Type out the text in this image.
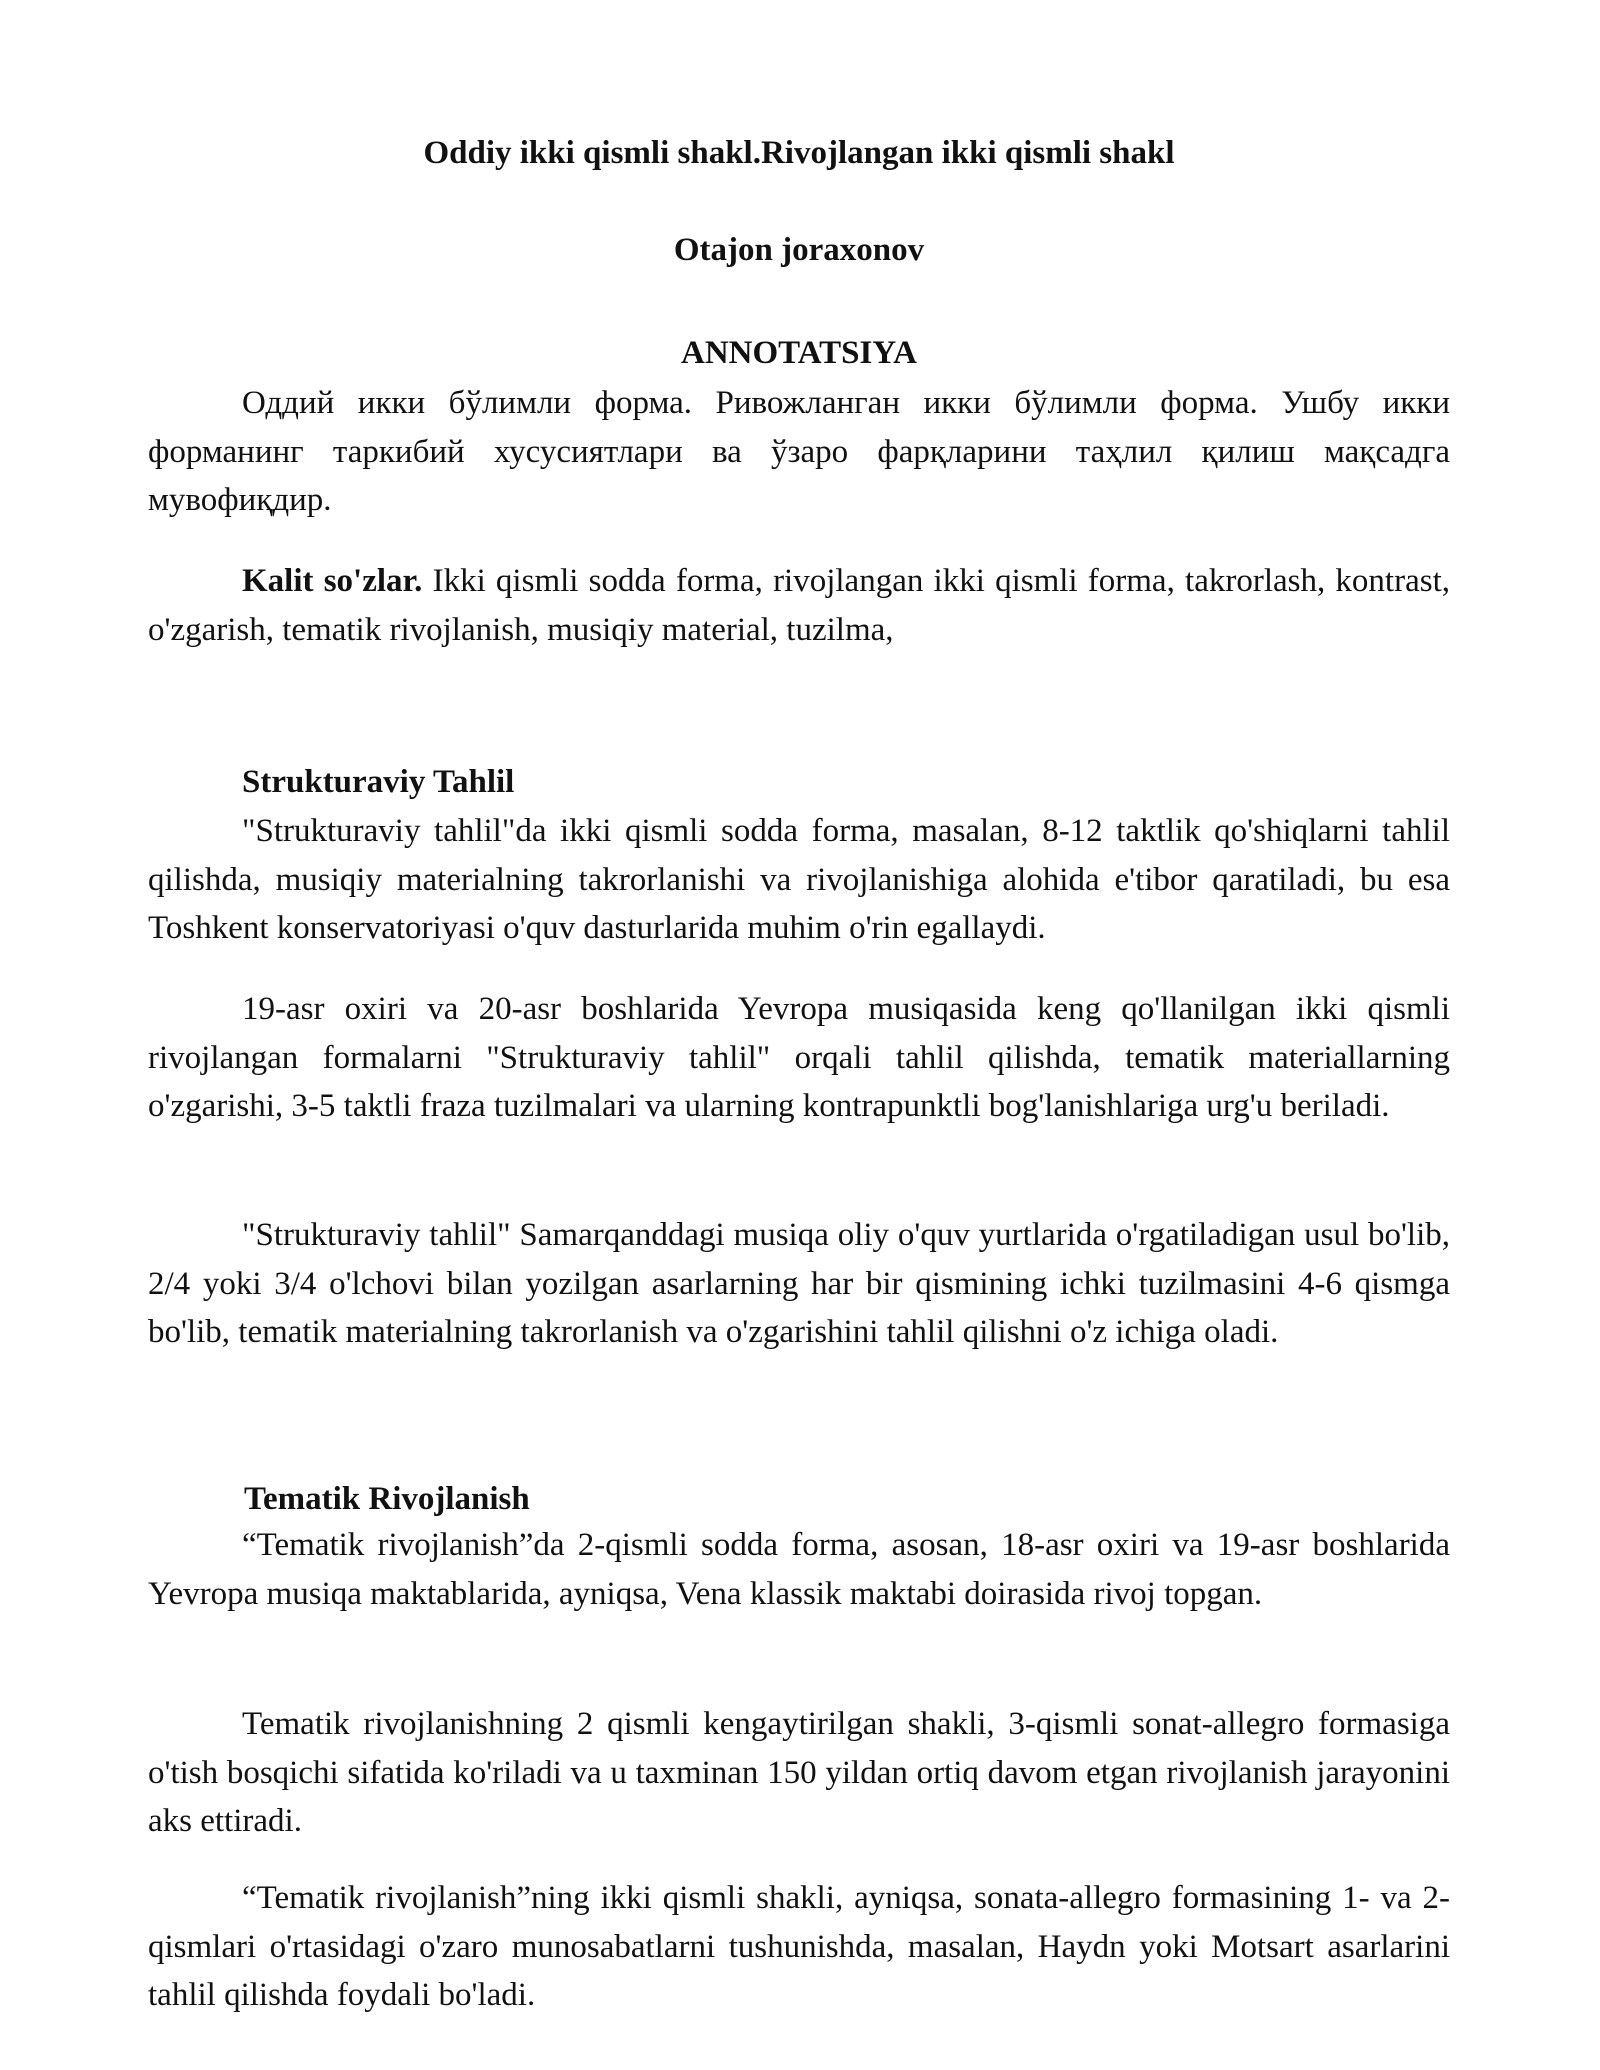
Oddiy ikki qismli shakl.Rivojlangan ikki qismli shakl
Otajon joraxonov
ANNOTATSIYA

Оддий икки бўлимли форма. Ривожланган икки бўлимли форма. Ушбу икки форманинг таркибий хусусиятлари ва ўзаро фарқларини таҳлил қилиш мақсадга мувофиқдир.

Kalit so'zlar. Ikki qismli sodda forma, rivojlangan ikki qismli forma, takrorlash, kontrast, o'zgarish, tematik rivojlanish, musiqiy material, tuzilma,

Strukturaviy Tahlil

"Strukturaviy tahlil"da ikki qismli sodda forma, masalan, 8-12 taktlik qo'shiqlarni tahlil qilishda, musiqiy materialning takrorlanishi va rivojlanishiga alohida e'tibor qaratiladi, bu esa Toshkent konservatoriyasi o'quv dasturlarida muhim o'rin egallaydi.

19-asr oxiri va 20-asr boshlarida Yevropa musiqasida keng qo'llanilgan ikki qismli rivojlangan formalarni "Strukturaviy tahlil" orqali tahlil qilishda, tematik materiallarning o'zgarishi, 3-5 taktli fraza tuzilmalari va ularning kontrapunktli bog'lanishlariga urg'u beriladi.

"Strukturaviy tahlil" Samarqanddagi musiqa oliy o'quv yurtlarida o'rgatiladigan usul bo'lib, 2/4 yoki 3/4 o'lchovi bilan yozilgan asarlarning har bir qismining ichki tuzilmasini 4-6 qismga bo'lib, tematik materialning takrorlanish va o'zgarishini tahlil qilishni o'z ichiga oladi.

Tematik Rivojlanish

“Tematik rivojlanish”da 2-qismli sodda forma, asosan, 18-asr oxiri va 19-asr boshlarida Yevropa musiqa maktablarida, ayniqsa, Vena klassik maktabi doirasida rivoj topgan.

Tematik rivojlanishning 2 qismli kengaytirilgan shakli, 3-qismli sonat-allegro formasiga o'tish bosqichi sifatida ko'riladi va u taxminan 150 yildan ortiq davom etgan rivojlanish jarayonini aks ettiradi.

“Tematik rivojlanish”ning ikki qismli shakli, ayniqsa, sonata-allegro formasining 1- va 2- qismlari o'rtasidagi o'zaro munosabatlarni tushunishda, masalan, Haydn yoki Motsart asarlarini tahlil qilishda foydali bo'ladi.
